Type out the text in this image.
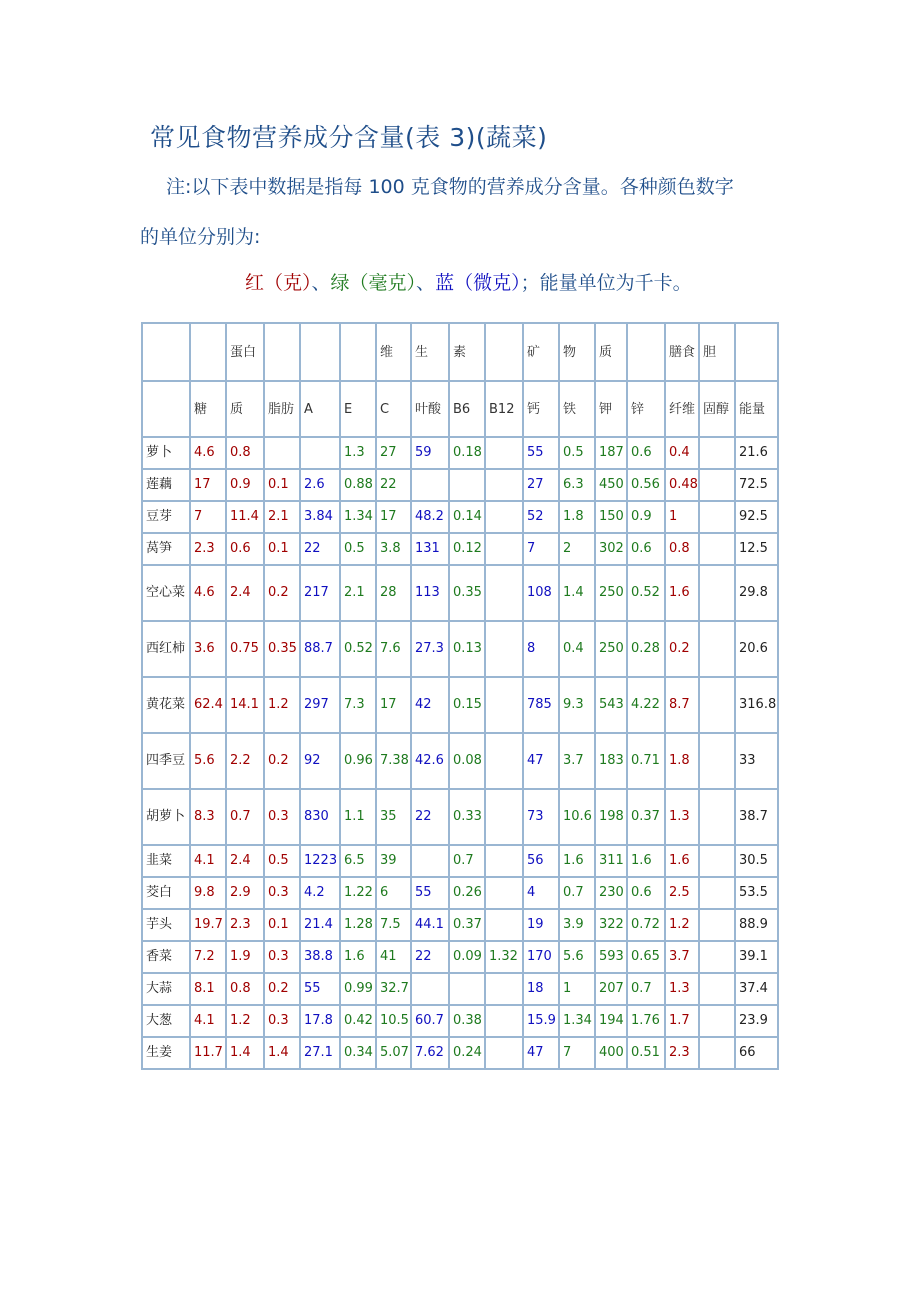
常见食物营养成分含量(表 3)(蔬菜)
注:以下表中数据是指每 100 克食物的营养成分含量。各种颜色数字
的单位分别为:
红（克）、绿（毫克）、蓝（微克）；能量单位为千卡。
		蛋白				维	生	素		矿	物	质		膳食	胆	
	糖	质	脂肪	A	E	C	叶酸	B6	B12	钙	铁	钾	锌	纤维	固醇	能量
萝卜	4.6	0.8			1.3	27	59	0.18		55	0.5	187	0.6	0.4		21.6
莲藕	17	0.9	0.1	2.6	0.88	22				27	6.3	450	0.56	0.48		72.5
豆芽	7	11.4	2.1	3.84	1.34	17	48.2	0.14		52	1.8	150	0.9	1		92.5
莴笋	2.3	0.6	0.1	22	0.5	3.8	131	0.12		7	2	302	0.6	0.8		12.5
空心菜	4.6	2.4	0.2	217	2.1	28	113	0.35		108	1.4	250	0.52	1.6		29.8
西红柿	3.6	0.75	0.35	88.7	0.52	7.6	27.3	0.13		8	0.4	250	0.28	0.2		20.6
黄花菜	62.4	14.1	1.2	297	7.3	17	42	0.15		785	9.3	543	4.22	8.7		316.8
四季豆	5.6	2.2	0.2	92	0.96	7.38	42.6	0.08		47	3.7	183	0.71	1.8		33
胡萝卜	8.3	0.7	0.3	830	1.1	35	22	0.33		73	10.6	198	0.37	1.3		38.7
韭菜	4.1	2.4	0.5	1223	6.5	39		0.7		56	1.6	311	1.6	1.6		30.5
茭白	9.8	2.9	0.3	4.2	1.22	6	55	0.26		4	0.7	230	0.6	2.5		53.5
芋头	19.7	2.3	0.1	21.4	1.28	7.5	44.1	0.37		19	3.9	322	0.72	1.2		88.9
香菜	7.2	1.9	0.3	38.8	1.6	41	22	0.09	1.32	170	5.6	593	0.65	3.7		39.1
大蒜	8.1	0.8	0.2	55	0.99	32.7				18	1	207	0.7	1.3		37.4
大葱	4.1	1.2	0.3	17.8	0.42	10.5	60.7	0.38		15.9	1.34	194	1.76	1.7		23.9
生姜	11.7	1.4	1.4	27.1	0.34	5.07	7.62	0.24		47	7	400	0.51	2.3		66
